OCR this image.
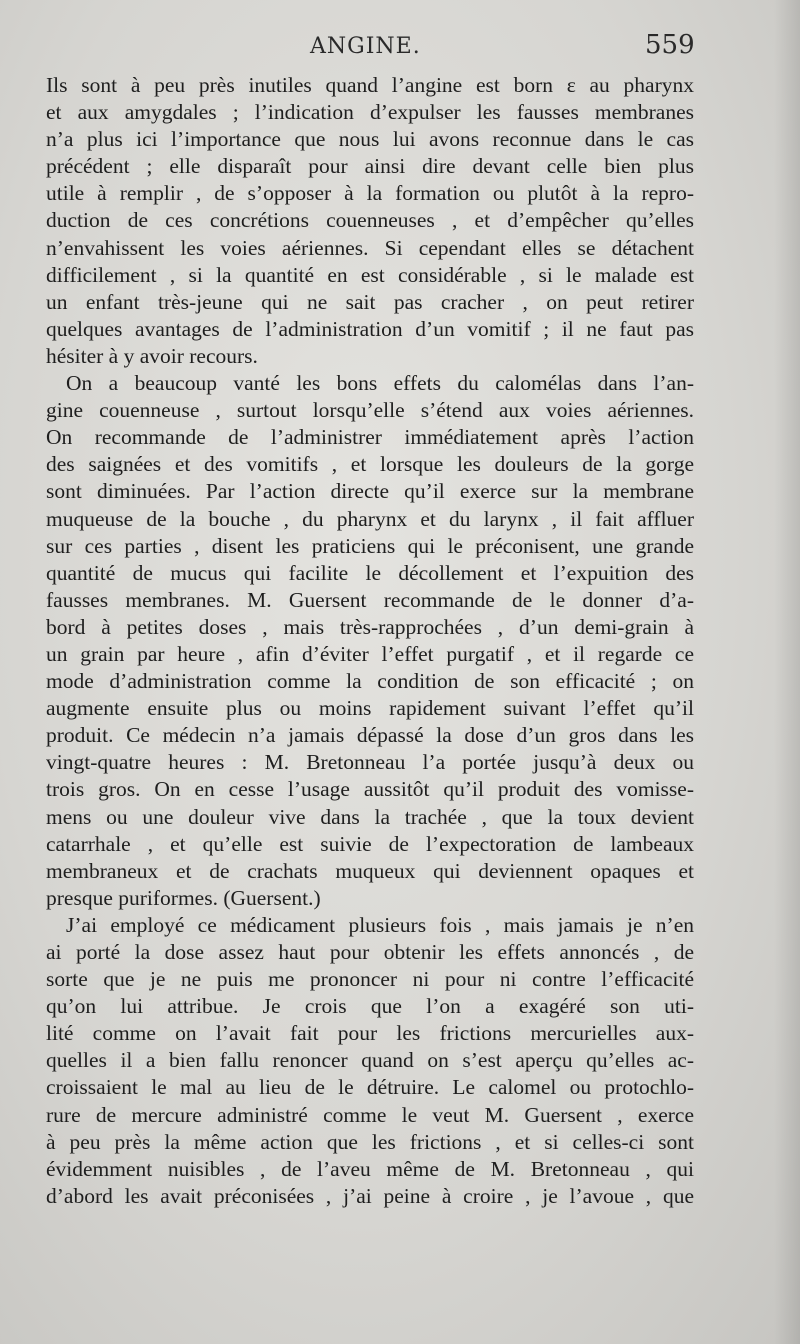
ANGINE.	559
Ils sont à peu près inutiles quand l’angine est born ɛ au pharynx
et aux amygdales ; l’indication d’expulser les fausses membranes
n’a plus ici l’importance que nous lui avons reconnue dans le cas
précédent ; elle disparaît pour ainsi dire devant celle bien plus
utile à remplir , de s’opposer à la formation ou plutôt à la repro-
duction de ces concrétions couenneuses , et d’empêcher qu’elles
n’envahissent les voies aériennes. Si cependant elles se détachent
difficilement , si la quantité en est considérable , si le malade est
un enfant très-jeune qui ne sait pas cracher , on peut retirer
quelques avantages de l’administration d’un vomitif ; il ne faut pas
hésiter à y avoir recours.
On a beaucoup vanté les bons effets du calomélas dans l’an-
gine couenneuse , surtout lorsqu’elle s’étend aux voies aériennes.
On recommande de l’administrer immédiatement après l’action
des saignées et des vomitifs , et lorsque les douleurs de la gorge
sont diminuées. Par l’action directe qu’il exerce sur la membrane
muqueuse de la bouche , du pharynx et du larynx , il fait affluer
sur ces parties , disent les praticiens qui le préconisent, une grande
quantité de mucus qui facilite le décollement et l’expuition des
fausses membranes. M. Guersent recommande de le donner d’a-
bord à petites doses , mais très-rapprochées , d’un demi-grain à
un grain par heure , afin d’éviter l’effet purgatif , et il regarde ce
mode d’administration comme la condition de son efficacité ; on
augmente ensuite plus ou moins rapidement suivant l’effet qu’il
produit. Ce médecin n’a jamais dépassé la dose d’un gros dans les
vingt-quatre heures : M. Bretonneau l’a portée jusqu’à deux ou
trois gros. On en cesse l’usage aussitôt qu’il produit des vomisse-
mens ou une douleur vive dans la trachée , que la toux devient
catarrhale , et qu’elle est suivie de l’expectoration de lambeaux
membraneux et de crachats muqueux qui deviennent opaques et
presque puriformes. (Guersent.)
J’ai employé ce médicament plusieurs fois , mais jamais je n’en
ai porté la dose assez haut pour obtenir les effets annoncés , de
sorte que je ne puis me prononcer ni pour ni contre l’efficacité
qu’on lui attribue. Je crois que l’on a exagéré son uti-
lité comme on l’avait fait pour les frictions mercurielles aux-
quelles il a bien fallu renoncer quand on s’est aperçu qu’elles ac-
croissaient le mal au lieu de le détruire. Le calomel ou protochlo-
rure de mercure administré comme le veut M. Guersent , exerce
à peu près la même action que les frictions , et si celles-ci sont
évidemment nuisibles , de l’aveu même de M. Bretonneau , qui
d’abord les avait préconisées , j’ai peine à croire , je l’avoue , que
